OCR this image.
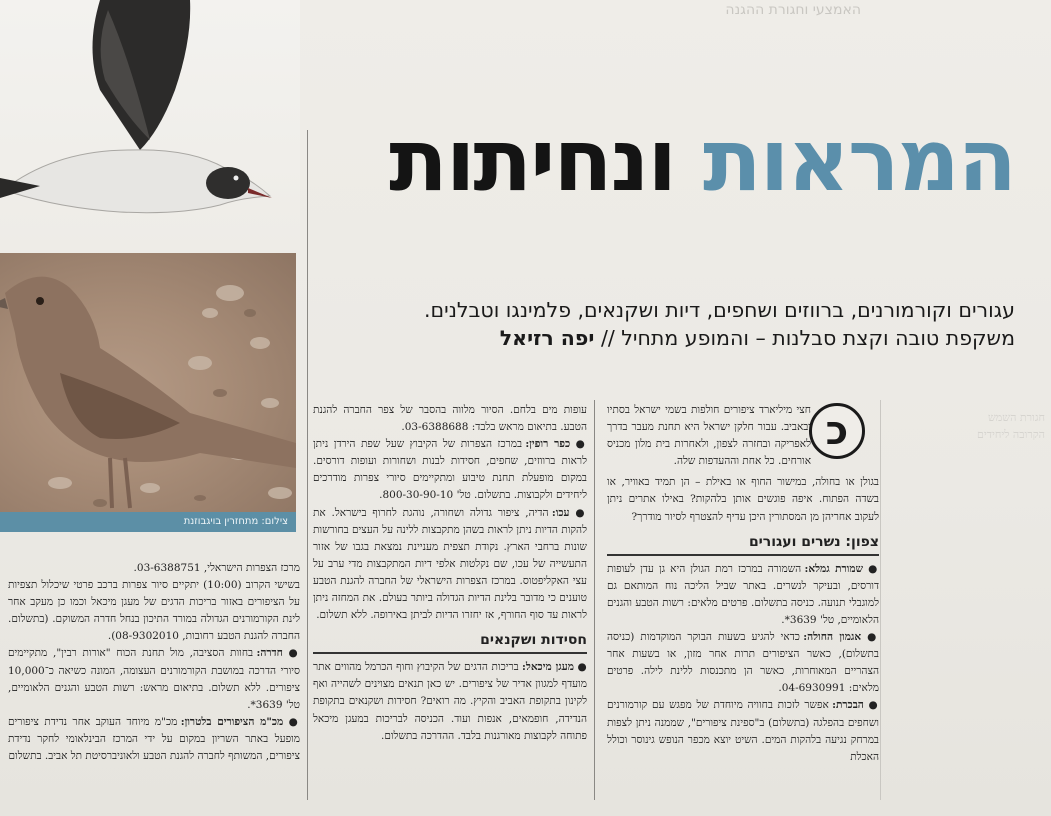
האמצעי וחגורת ההגנה
צילום: מתחזרין בויגבוזנת
המראות ונחיתות
עגורים וקורמורנים, ברווזים ושחפים, דיות ושקנאים, פלמינגו וטבלנים.
משקפת טובה וקצת סבלנות – והמופע מתחיל // יפה רזיאל
כ

חצי מיליארד ציפורים חולפות בשמי ישראל בסתיו ובאביב. עבור חלקן ישראל היא תחנת מעבר בדרך לאפריקה ובחזרה לצפון, ולאחרות בית מלון מכניס אורחים. כל אחת וההעדפות שלה.

בגולן או בחולה, במישור החוף או באילת – הן תמיד באוויר, או בשדה הפתוח. איפה פוגשים אותן בלהקות? באילו אתרים ניתן לעקוב אחריהן מן המסתורין היכן עדיף להצטרף לסיור מודרך?

צפון: נשרים ועגורים

● שמורת גמלא: השמורה במרכז רמת הגולן היא גן עדן לעופות דורסים, ובעיקר לנשרים. באתר שביל הליכה נוח המותאם גם למוגבלי תנועה. כניסה בתשלום. פרטים מלאים: רשות הטבע והגנים הלאומיים, טל' 3639*.

● אגמון החולה: כדאי להגיע בשעות הבוקר המוקדמות (כניסה בתשלום), כאשר הציפורים תרות אחר מזון, או בשעות אחר הצהריים המאוחרות, כאשר הן מתכנסות ללינת לילה. פרטים מלאים: 04-6930991.

● הבכרת: אפשר לזכות בחוויה מיוחדת של מפגש עם קורמורנים ושחפים בהפלגה (בתשלום) ב"ספינת ציפורים", שממנה ניתן לצפות במרחק נגיעה בלהקות המים. השיט יוצא מכפר הנופש גינוסר וכולל האכלת

עופות מים בלחם. הסיור מלווה בהסבר של צפר החברה להגנת הטבע. בתיאום מראש בלבד: 03-6388688.

● כפר רופין: במרכז הצפרות של הקיבוץ שעל שפת הירדן ניתן לראות ברווזים, שחפים, חסידות לבנות ושחורות ועופות דורסים. במקום מופעלת תחנת טיבוע ומתקיימים סיורי צפרות מודרכים ליחידים ולקבוצות. בתשלום. טל' 800-30-90-10.

● עכו: הדיה, ציפור גדולה ושחורה, נוהגת לחרוף בישראל. את להקות הדיות ניתן לראות בשהן מתקבצות ללינה על העצים בחורשות שונות ברחבי הארץ. נקודת תצפית מעניינת נמצאת בגבו של אזור התעשייה של עכו, שם נקלטות אלפי דיות המתקבצות מדי ערב על עצי האקליפטוס. במרכז הצפרות הישראלי של החברה להגנת הטבע טוענים כי מדובר בלינת הדיות הגדולה ביותר בעולם. את המחזה ניתן לראות עד סוף החורף, אז יחזרו הדיות לביתן באירופה. ללא תשלום.

חסידות ושקנאים

● מעגן מיכאל: בריכות הדגים של הקיבוץ וחוף הכרמל מהווים אתר מועדף למגוון אדיר של ציפורים. יש כאן תנאים מצוינים לשהייה ואף לקינון בתקופת האביב והקיץ. מה רואים? חסידות ושקנאים בתקופת הנדידה, חופמאים, אנפות ועוד. הכניסה לבריכות במעגן מיכאל פתוחה לקבוצות מאורגנות בלבד. ההדרכה בתשלום.

מרכז הצפרות הישראלי, 03-6388751.

בשישי הקרוב (10:00) יתקיים סיור צפרות ברכב פרטי שיכלול תצפיות על הציפורים באזור בריכות הדגים של מעגן מיכאל וכמו כן מעקב אחר לינת הקורמורנים הגדולה במורד התיכון בנחל חדרה המשוקם. (בתשלום. החברה להגנת הטבע רחובות, 08-9302010).

● חדרה: בחוות הסציבה, מול תחנת הכוח "אורות רבין", מתקיימים סיורי הדרכה במושבת הקורמורנים העצומה, המונה כשיאה כ־10,000 ציפורים. ללא תשלום. בתיאום מראש: רשות הטבע והגנים הלאומיים, טל' 3639*.

● מכ"מ הציפורים בלטרון: מכ"מ מיוחד העוקב אחר נדידת ציפורים מופעל באתר השריון במקום על ידי המרכז הבינלאומי לחקר נדידת ציפורים, המשותף לחברה להגנת הטבע ולאוניברסיטת תל אביב. בתשלום

חגורת השמש הקרובה ליחידים
